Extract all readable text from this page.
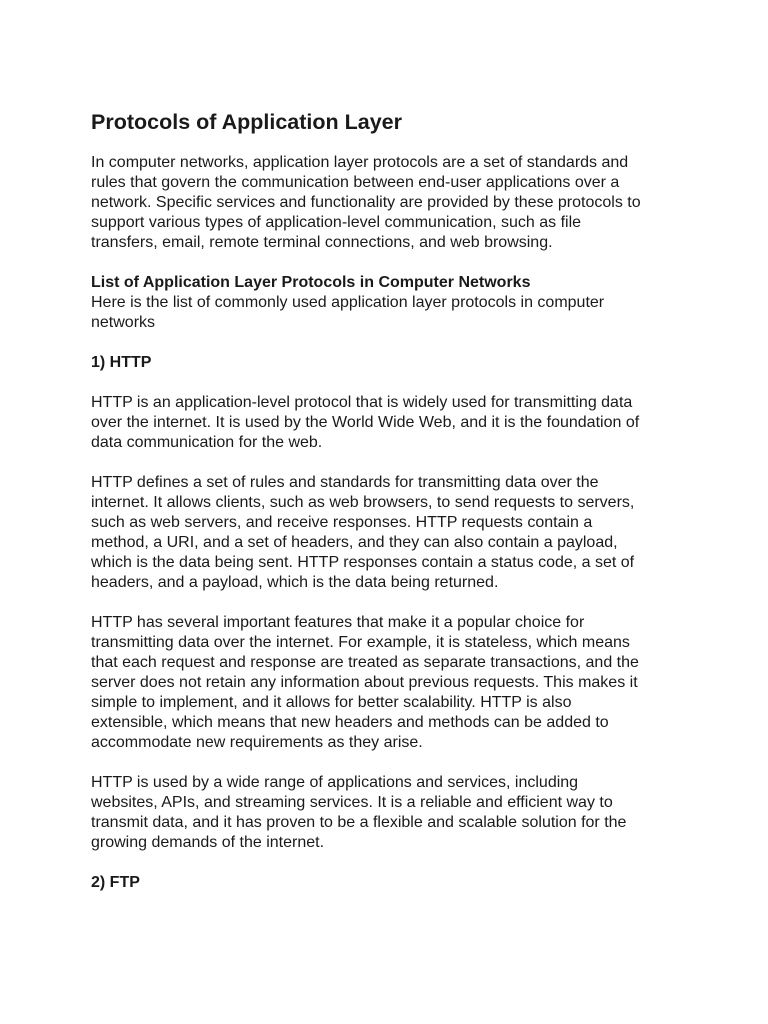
Protocols of Application Layer
In computer networks, application layer protocols are a set of standards and
rules that govern the communication between end-user applications over a
network. Specific services and functionality are provided by these protocols to
support various types of application-level communication, such as file
transfers, email, remote terminal connections, and web browsing.
List of Application Layer Protocols in Computer Networks
Here is the list of commonly used application layer protocols in computer
networks
1) HTTP
HTTP is an application-level protocol that is widely used for transmitting data
over the internet. It is used by the World Wide Web, and it is the foundation of
data communication for the web.
HTTP defines a set of rules and standards for transmitting data over the
internet. It allows clients, such as web browsers, to send requests to servers,
such as web servers, and receive responses. HTTP requests contain a
method, a URI, and a set of headers, and they can also contain a payload,
which is the data being sent. HTTP responses contain a status code, a set of
headers, and a payload, which is the data being returned.
HTTP has several important features that make it a popular choice for
transmitting data over the internet. For example, it is stateless, which means
that each request and response are treated as separate transactions, and the
server does not retain any information about previous requests. This makes it
simple to implement, and it allows for better scalability. HTTP is also
extensible, which means that new headers and methods can be added to
accommodate new requirements as they arise.
HTTP is used by a wide range of applications and services, including
websites, APIs, and streaming services. It is a reliable and efficient way to
transmit data, and it has proven to be a flexible and scalable solution for the
growing demands of the internet.
2) FTP
